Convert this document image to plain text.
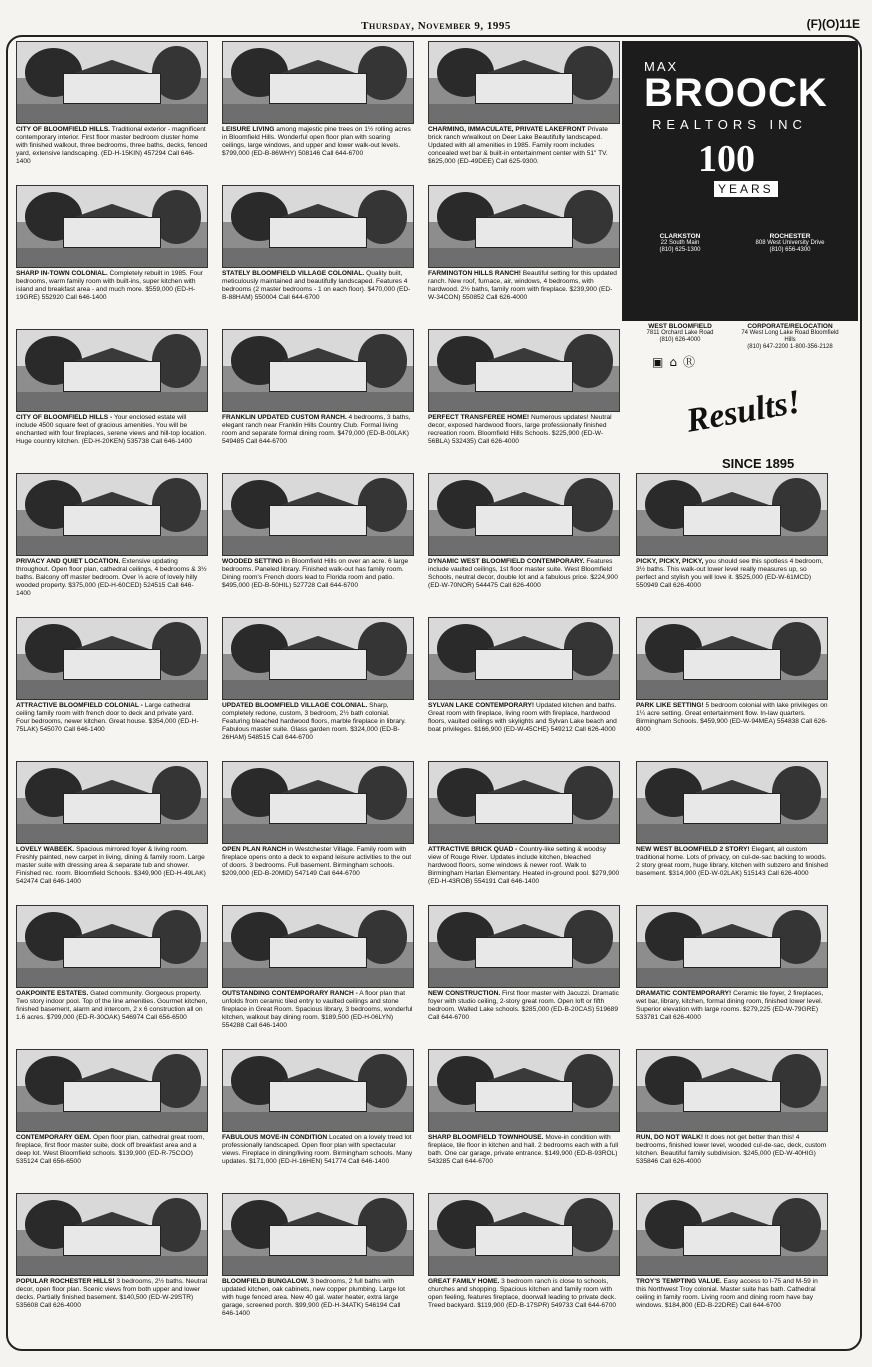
Thursday, November 9, 1995	(F)(O)11E
CITY OF BLOOMFIELD HILLS. Traditional exterior - magnificent contemporary interior. First floor master bedroom cluster home with finished walkout, three bedrooms, three baths, decks, fenced yard, extensive landscaping. (ED-H-15KIN) 457294 Call 646-1400
LEISURE LIVING among majestic pine trees on 1½ rolling acres in Bloomfield Hills. Wonderful open floor plan with soaring ceilings, large windows, and upper and lower walk-out levels. $799,000 (ED-B-86WHY) 508146 Call 644-6700
CHARMING, IMMACULATE, PRIVATE LAKEFRONT Private brick ranch w/walkout on Deer Lake Beautifully landscaped. Updated with all amenities in 1985. Family room includes concealed wet bar & built-in entertainment center with 51" TV. $625,000 (ED-49DEE) Call 625-9300.
SHARP IN-TOWN COLONIAL. Completely rebuilt in 1985. Four bedrooms, warm family room with built-ins, super kitchen with island and breakfast area - and much more. $559,000 (ED-H-19GRE) 552920 Call 646-1400
STATELY BLOOMFIELD VILLAGE COLONIAL. Quality built, meticulously maintained and beautifully landscaped. Features 4 bedrooms (2 master bedrooms - 1 on each floor). $470,000 (ED-B-88HAM) 550004 Call 644-6700
FARMINGTON HILLS RANCH! Beautiful setting for this updated ranch. New roof, furnace, air, windows, 4 bedrooms, with hardwood. 2½ baths, family room with fireplace. $239,900 (ED-W-34CON) 550852 Call 626-4000
CITY OF BLOOMFIELD HILLS - Your enclosed estate will include 4500 square feet of gracious amenities. You will be enchanted with four fireplaces, serene views and hill-top location. Huge country kitchen. (ED-H-20KEN) 535738 Call 646-1400
FRANKLIN UPDATED CUSTOM RANCH. 4 bedrooms, 3 baths, elegant ranch near Franklin Hills Country Club. Formal living room and separate formal dining room. $479,000 (ED-B-00LAK) 549485 Call 644-6700
PERFECT TRANSFEREE HOME! Numerous updates! Neutral decor, exposed hardwood floors, large professionally finished recreation room. Bloomfield Hills Schools. $225,900 (ED-W-56BLA) 532435) Call 626-4000
PRIVACY AND QUIET LOCATION. Extensive updating throughout. Open floor plan, cathedral ceilings, 4 bedrooms & 3½ baths. Balcony off master bedroom. Over ⅓ acre of lovely hilly wooded property. $375,000 (ED-H-60CED) 524515 Call 646-1400
WOODED SETTING in Bloomfield Hills on over an acre. 6 large bedrooms. Paneled library. Finished walk-out has family room. Dining room's French doors lead to Florida room and patio. $495,000 (ED-B-50HIL) 527728 Call 644-6700
DYNAMIC WEST BLOOMFIELD CONTEMPORARY. Features include vaulted ceilings, 1st floor master suite. West Bloomfield Schools, neutral decor, double lot and a fabulous price. $224,900 (ED-W-70NOR) 544475 Call 626-4000
PICKY, PICKY, PICKY, you should see this spotless 4 bedroom, 3½ baths. This walk-out lower level really measures up, so perfect and stylish you will love it. $525,000 (ED-W-61MCD) 550949 Call 626-4000
ATTRACTIVE BLOOMFIELD COLONIAL - Large cathedral ceiling family room with french door to deck and private yard. Four bedrooms, newer kitchen. Great house. $354,000 (ED-H-75LAK) 545070 Call 646-1400
UPDATED BLOOMFIELD VILLAGE COLONIAL. Sharp, completely redone, custom, 3 bedroom, 2½ bath colonial. Featuring bleached hardwood floors, marble fireplace in library. Fabulous master suite. Glass garden room. $324,000 (ED-B-26HAM) 548515 Call 644-6700
SYLVAN LAKE CONTEMPORARY! Updated kitchen and baths. Great room with fireplace, living room with fireplace, hardwood floors, vaulted ceilings with skylights and Sylvan Lake beach and boat privileges. $166,900 (ED-W-45CHE) 549212 Call 626-4000
PARK LIKE SETTING! 5 bedroom colonial with lake privileges on 1¼ acre setting. Great entertainment flow. In-law quarters. Birmingham Schools. $459,900 (ED-W-94MEA) 554838 Call 626-4000
LOVELY WABEEK. Spacious mirrored foyer & living room. Freshly painted, new carpet in living, dining & family room. Large master suite with dressing area & separate tub and shower. Finished rec. room. Bloomfield Schools. $349,900 (ED-H-49LAK) 542474 Call 646-1400
OPEN PLAN RANCH in Westchester Village. Family room with fireplace opens onto a deck to expand leisure activities to the out of doors. 3 bedrooms. Full basement. Birmingham schools. $209,000 (ED-B-20MID) 547149 Call 644-6700
ATTRACTIVE BRICK QUAD - Country-like setting & woodsy view of Rouge River. Updates include kitchen, bleached hardwood floors, some windows & newer roof. Walk to Birmingham Harlan Elementary. Heated in-ground pool. $279,900 (ED-H-43ROB) 554191 Call 646-1400
NEW WEST BLOOMFIELD 2 STORY! Elegant, all custom traditional home. Lots of privacy, on cul-de-sac backing to woods. 2 story great room, huge library, kitchen with subzero and finished basement. $314,900 (ED-W-02LAK) 515143 Call 626-4000
OAKPOINTE ESTATES. Gated community. Gorgeous property. Two story indoor pool. Top of the line amenities. Gourmet kitchen, finished basement, alarm and intercom, 2 x 6 construction all on 1.6 acres. $799,000 (ED-R-30OAK) 546974 Call 656-6500
OUTSTANDING CONTEMPORARY RANCH - A floor plan that unfolds from ceramic tiled entry to vaulted ceilings and stone fireplace in Great Room. Spacious library, 3 bedrooms, wonderful kitchen, walkout bay dining room. $189,500 (ED-H-06LYN) 554288 Call 646-1400
NEW CONSTRUCTION. First floor master with Jacuzzi. Dramatic foyer with studio ceiling, 2-story great room. Open loft or fifth bedroom. Walled Lake schools. $285,000 (ED-B-20CAS) 519689 Call 644-6700
DRAMATIC CONTEMPORARY! Ceramic tile foyer, 2 fireplaces, wet bar, library, kitchen, formal dining room, finished lower level. Superior elevation with large rooms. $279,225 (ED-W-79GRE) 533781 Call 626-4000
CONTEMPORARY GEM. Open floor plan, cathedral great room, fireplace, first floor master suite, dock off breakfast area and a deep lot. West Bloomfield schools. $139,900 (ED-R-75COO) 535124 Call 656-6500
FABULOUS MOVE-IN CONDITION Located on a lovely treed lot professionally landscaped. Open floor plan with spectacular views. Fireplace in dining/living room. Birmingham schools. Many updates. $171,000 (ED-H-16HEN) 541774 Call 646-1400
SHARP BLOOMFIELD TOWNHOUSE. Move-in condition with fireplace, tile floor in kitchen and hall. 2 bedrooms each with a full bath. One car garage, private entrance. $149,900 (ED-B-93ROL) 543285 Call 644-6700
RUN, DO NOT WALK! It does not get better than this! 4 bedrooms, finished lower level, wooded cul-de-sac, deck, custom kitchen. Beautiful family subdivision. $245,000 (ED-W-40HIG) 535846 Call 626-4000
POPULAR ROCHESTER HILLS! 3 bedrooms, 2½ baths. Neutral decor, open floor plan. Scenic views from both upper and lower decks. Partially finished basement. $140,500 (ED-W-29STR) 535608 Call 626-4000
BLOOMFIELD BUNGALOW. 3 bedrooms, 2 full baths with updated kitchen, oak cabinets, new copper plumbing. Large lot with huge fenced area. New 40 gal. water heater, extra large garage, screened porch. $99,900 (ED-H-34ATK) 546194 Call 646-1400
GREAT FAMILY HOME. 3 bedroom ranch is close to schools, churches and shopping. Spacious kitchen and family room with open feeling, features fireplace, doorwall leading to private deck. Treed backyard. $119,900 (ED-B-17SPR) 549733 Call 644-6700
TROY'S TEMPTING VALUE. Easy access to I-75 and M-59 in this Northwest Troy colonial. Master suite has bath. Cathedral ceiling in family room. Living room and dining room have bay windows. $184,800 (ED-B-22DRE) Call 644-6700
MAX
BROOCK
REALTORS INC
100
YEARS
CLARKSTON
22 South Main
(810) 625-1300
ROCHESTER
808 West University Drive
(810) 656-4300
WEST BLOOMFIELD
7811 Orchard Lake Road
(810) 626-4000
CORPORATE/RELOCATION
74 West Long Lake Road Bloomfield Hills
(810) 647-2200 1-800-356-2128
▣⌂Ⓡ
Results!
SINCE 1895
